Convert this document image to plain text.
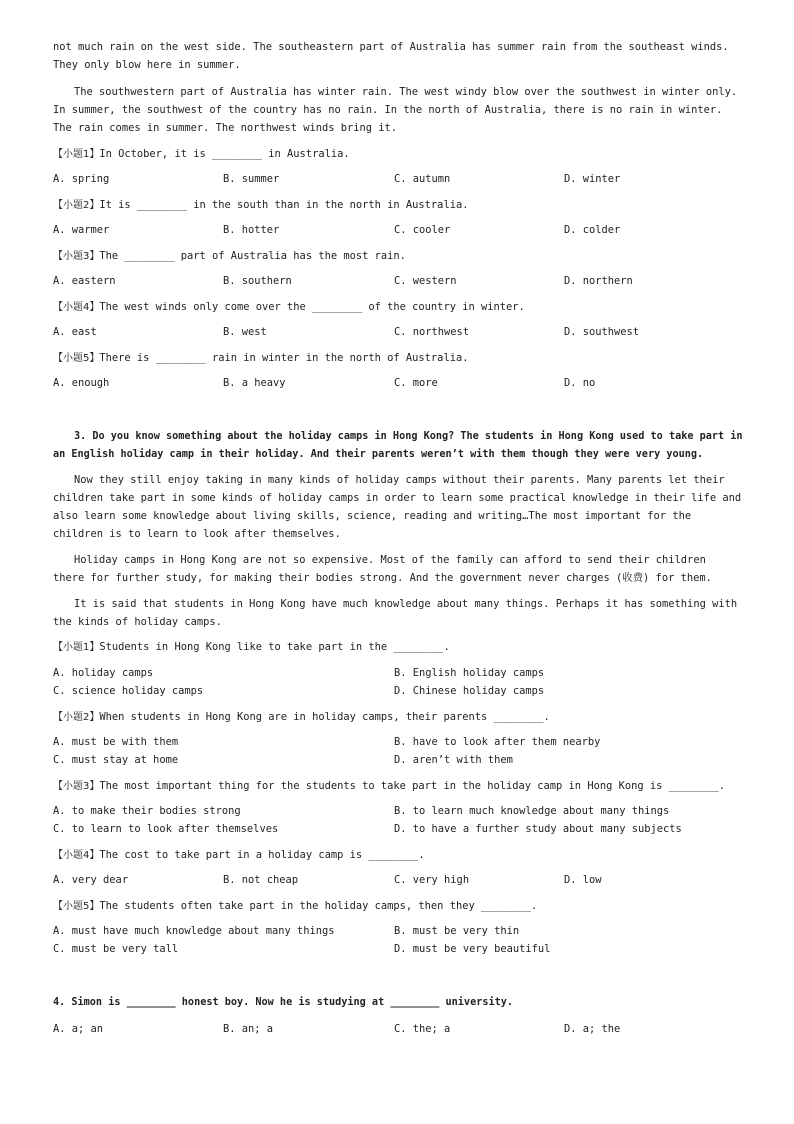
not much rain on the west side. The southeastern part of Australia has summer rain from the southeast winds. They only blow here in summer.
The southwestern part of Australia has winter rain. The west windy blow over the southwest in winter only. In summer, the southwest of the country has no rain. In the north of Australia, there is no rain in winter. The rain comes in summer. The northwest winds bring it.
【小题1】In October, it is ________ in Australia.
A. spring	B. summer	C. autumn	D. winter
【小题2】It is ________ in the south than in the north in Australia.
A. warmer	B. hotter	C. cooler	D. colder
【小题3】The ________ part of Australia has the most rain.
A. eastern	B. southern	C. western	D. northern
【小题4】The west winds only come over the ________ of the country in winter.
A. east	B. west	C. northwest	D. southwest
【小题5】There is ________ rain in winter in the north of Australia.
A. enough	B. a heavy	C. more	D. no
3. Do you know something about the holiday camps in Hong Kong? The students in Hong Kong used to take part in an English holiday camp in their holiday. And their parents weren’t with them though they were very young.
Now they still enjoy taking in many kinds of holiday camps without their parents. Many parents let their children take part in some kinds of holiday camps in order to learn some practical knowledge in their life and also learn some knowledge about living skills, science, reading and writing…The most important for the children is to learn to look after themselves.
Holiday camps in Hong Kong are not so expensive. Most of the family can afford to send their children there for further study, for making their bodies strong. And the government never charges (收费) for them.
It is said that students in Hong Kong have much knowledge about many things. Perhaps it has something with the kinds of holiday camps.
【小题1】Students in Hong Kong like to take part in the ________.
A. holiday camps	B. English holiday camps
C. science holiday camps	D. Chinese holiday camps
【小题2】When students in Hong Kong are in holiday camps, their parents ________.
A. must be with them	B. have to look after them nearby
C. must stay at home	D. aren’t with them
【小题3】The most important thing for the students to take part in the holiday camp in Hong Kong is ________.
A. to make their bodies strong	B. to learn much knowledge about many things
C. to learn to look after themselves	D. to have a further study about many subjects
【小题4】The cost to take part in a holiday camp is ________.
A. very dear	B. not cheap	C. very high	D. low
【小题5】The students often take part in the holiday camps, then they ________.
A. must have much knowledge about many things	B. must be very thin
C. must be very tall	D. must be very beautiful
4. Simon is ________ honest boy. Now he is studying at ________ university.
A. a; an	B. an; a	C. the; a	D. a; the
